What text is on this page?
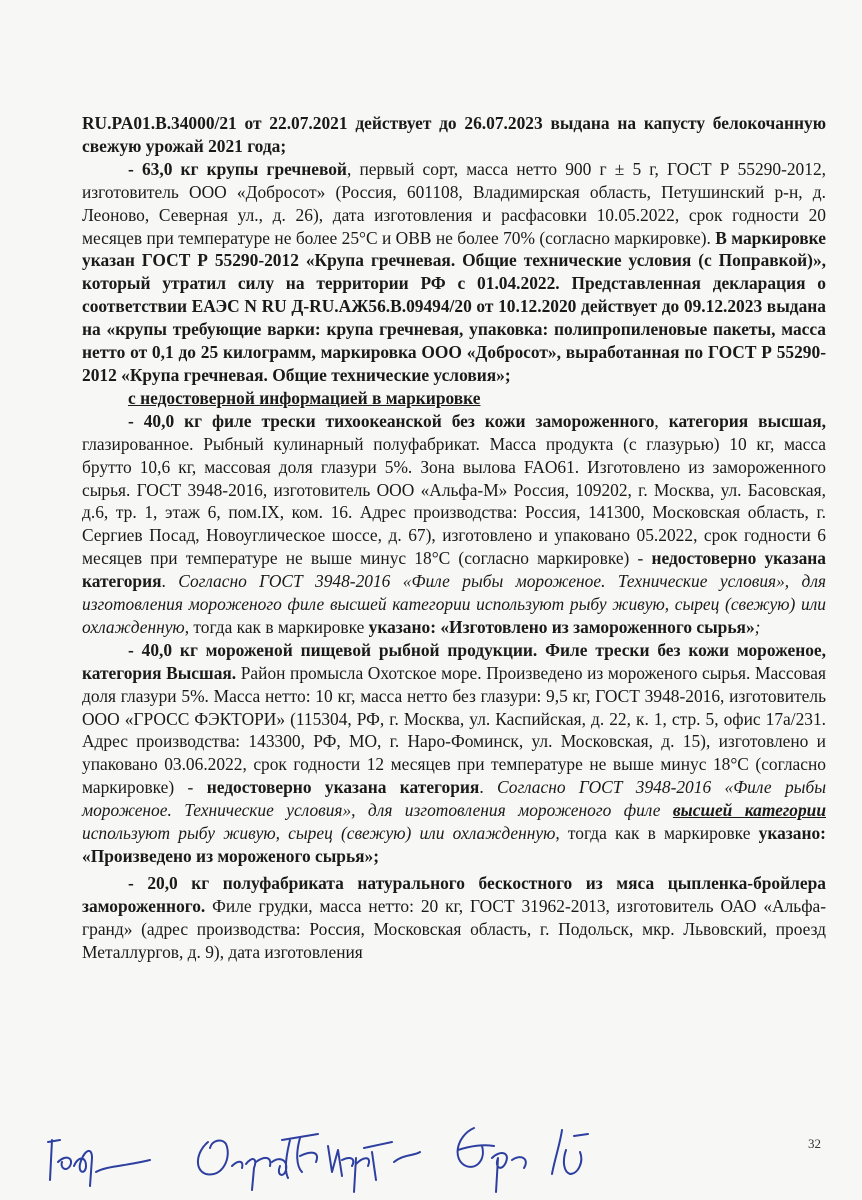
RU.PA01.B.34000/21 от 22.07.2021 действует до 26.07.2023 выдана на капусту белокочанную свежую урожай 2021 года;

- 63,0 кг крупы гречневой, первый сорт, масса нетто 900 г ± 5 г, ГОСТ Р 55290-2012, изготовитель ООО «Добросот» (Россия, 601108, Владимирская область, Петушинский р-н, д. Леоново, Северная ул., д. 26), дата изготовления и расфасовки 10.05.2022, срок годности 20 месяцев при температуре не более 25°С и ОВВ не более 70% (согласно маркировке). В маркировке указан ГОСТ Р 55290-2012 «Крупа гречневая. Общие технические условия (с Поправкой)», который утратил силу на территории РФ с 01.04.2022. Представленная декларация о соответствии ЕАЭС N RU Д-RU.АЖ56.В.09494/20 от 10.12.2020 действует до 09.12.2023 выдана на «крупы требующие варки: крупа гречневая, упаковка: полипропиленовые пакеты, масса нетто от 0,1 до 25 килограмм, маркировка ООО «Добросот», выработанная по ГОСТ Р 55290-2012 «Крупа гречневая. Общие технические условия»;

с недостоверной информацией в маркировке

- 40,0 кг филе трески тихоокеанской без кожи замороженного, категория высшая, глазированное. Рыбный кулинарный полуфабрикат. Масса продукта (с глазурью) 10 кг, масса брутто 10,6 кг, массовая доля глазури 5%. Зона вылова FAO61. Изготовлено из замороженного сырья. ГОСТ 3948-2016, изготовитель ООО «Альфа-М» Россия, 109202, г. Москва, ул. Басовская, д.6, тр. 1, этаж 6, пом.IX, ком. 16. Адрес производства: Россия, 141300, Московская область, г. Сергиев Посад, Новоуглическое шоссе, д. 67), изготовлено и упаковано 05.2022, срок годности 6 месяцев при температуре не выше минус 18°С (согласно маркировке) - недостоверно указана категория. Согласно ГОСТ 3948-2016 «Филе рыбы мороженое. Технические условия», для изготовления мороженого филе высшей категории используют рыбу живую, сырец (свежую) или охлажденную, тогда как в маркировке указано: «Изготовлено из замороженного сырья»;

- 40,0 кг мороженой пищевой рыбной продукции. Филе трески без кожи мороженое, категория Высшая. Район промысла Охотское море. Произведено из мороженого сырья. Массовая доля глазури 5%. Масса нетто: 10 кг, масса нетто без глазури: 9,5 кг, ГОСТ 3948-2016, изготовитель ООО «ГРОСС ФЭКТОРИ» (115304, РФ, г. Москва, ул. Каспийская, д. 22, к. 1, стр. 5, офис 17а/231. Адрес производства: 143300, РФ, МО, г. Наро-Фоминск, ул. Московская, д. 15), изготовлено и упаковано 03.06.2022, срок годности 12 месяцев при температуре не выше минус 18°С (согласно маркировке) - недостоверно указана категория. Согласно ГОСТ 3948-2016 «Филе рыбы мороженое. Технические условия», для изготовления мороженого филе высшей категории используют рыбу живую, сырец (свежую) или охлажденную, тогда как в маркировке указано: «Произведено из мороженого сырья»;

- 20,0 кг полуфабриката натурального бескостного из мяса цыпленка-бройлера замороженного. Филе грудки, масса нетто: 20 кг, ГОСТ 31962-2013, изготовитель ОАО «Альфа-гранд» (адрес производства: Россия, Московская область, г. Подольск, мкр. Львовский, проезд Металлургов, д. 9), дата изготовления

32
